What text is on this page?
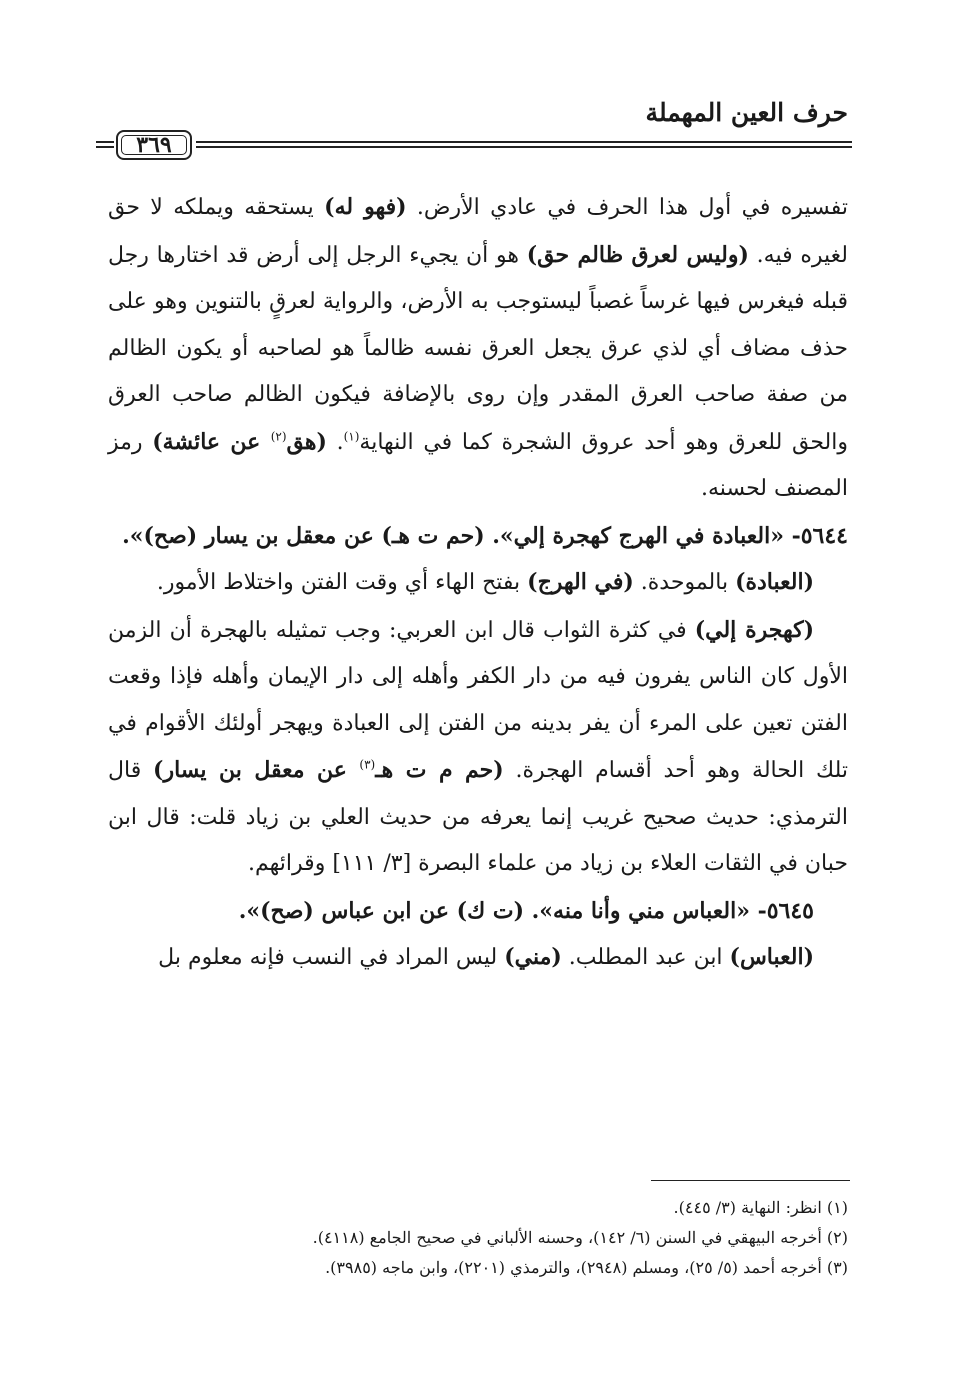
حرف العين المهملة
٣٦٩

تفسيره في أول هذا الحرف في عادي الأرض. (فهو له) يستحقه ويملكه لا حق لغيره فيه. (وليس لعرق ظالم حق) هو أن يجيء الرجل إلى أرض قد اختارها رجل قبله فيغرس فيها غرساً غصباً ليستوجب به الأرض، والرواية لعرقٍ بالتنوين وهو على حذف مضاف أي لذي عرق يجعل العرق نفسه ظالماً هو لصاحبه أو يكون الظالم من صفة صاحب العرق المقدر وإن روى بالإضافة فيكون الظالم صاحب العرق والحق للعرق وهو أحد عروق الشجرة كما في النهاية$^{(١)}$. (هق$^{(٢)}$ عن عائشة) رمز المصنف لحسنه.

٥٦٤٤- «العبادة في الهرج كهجرة إلي». (حم ت هـ) عن معقل بن يسار (صح)».

(العبادة) بالموحدة. (في الهرج) بفتح الهاء أي وقت الفتن واختلاط الأمور.

(كهجرة إلي) في كثرة الثواب قال ابن العربي: وجب تمثيله بالهجرة أن الزمن الأول كان الناس يفرون فيه من دار الكفر وأهله إلى دار الإيمان وأهله فإذا وقعت الفتن تعين على المرء أن يفر بدينه من الفتن إلى العبادة ويهجر أولئك الأقوام في تلك الحالة وهو أحد أقسام الهجرة. (حم م ت هـ$^{(٣)}$ عن معقل بن يسار) قال الترمذي: حديث صحيح غريب إنما يعرفه من حديث العلي بن زياد قلت: قال ابن حبان في الثقات العلاء بن زياد من علماء البصرة [٣/ ١١١] وقرائهم.

٥٦٤٥- «العباس مني وأنا منه». (ت ك) عن ابن عباس (صح)».

(العباس) ابن عبد المطلب. (مني) ليس المراد في النسب فإنه معلوم بل

(١) انظر: النهاية (٣/ ٤٤٥).
(٢) أخرجه البيهقي في السنن (٦/ ١٤٢)، وحسنه الألباني في صحيح الجامع (٤١١٨).
(٣) أخرجه أحمد (٥/ ٢٥)، ومسلم (٢٩٤٨)، والترمذي (٢٢٠١)، وابن ماجه (٣٩٨٥).
